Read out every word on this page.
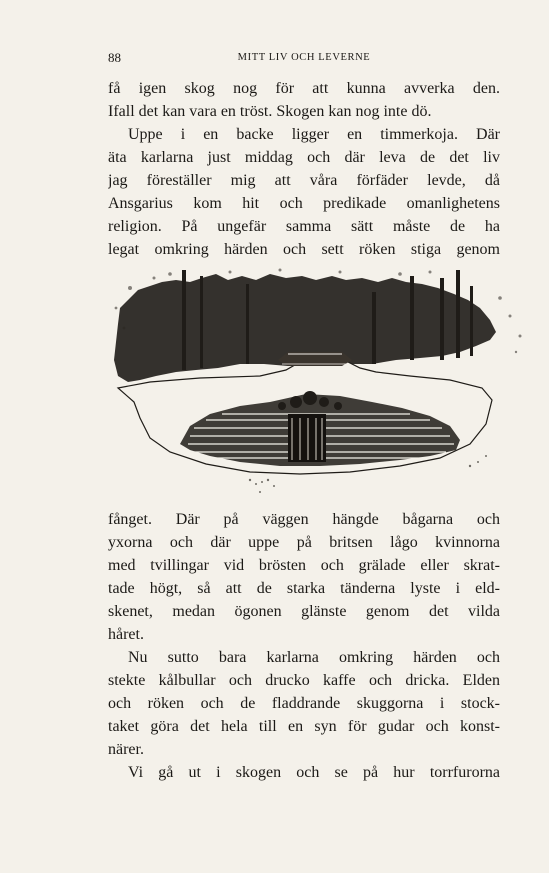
88	MITT LIV OCH LEVERNE
få igen skog nog för att kunna avverka den.
Ifall det kan vara en tröst. Skogen kan nog inte dö.
Uppe i en backe ligger en timmerkoja. Där
äta karlarna just middag och där leva de det liv
jag föreställer mig att våra förfäder levde, då
Ansgarius kom hit och predikade omanlighetens
religion. På ungefär samma sätt måste de ha
legat omkring härden och sett röken stiga genom
fånget. Där på väggen hängde bågarna och
yxorna och där uppe på britsen lågo kvinnorna
med tvillingar vid brösten och grälade eller skrat-
tade högt, så att de starka tänderna lyste i eld-
skenet, medan ögonen glänste genom det vilda
håret.
Nu sutto bara karlarna omkring härden och
stekte kålbullar och drucko kaffe och dricka. Elden
och röken och de fladdrande skuggorna i stock-
taket göra det hela till en syn för gudar och konst-
närer.
Vi gå ut i skogen och se på hur torrfurorna
